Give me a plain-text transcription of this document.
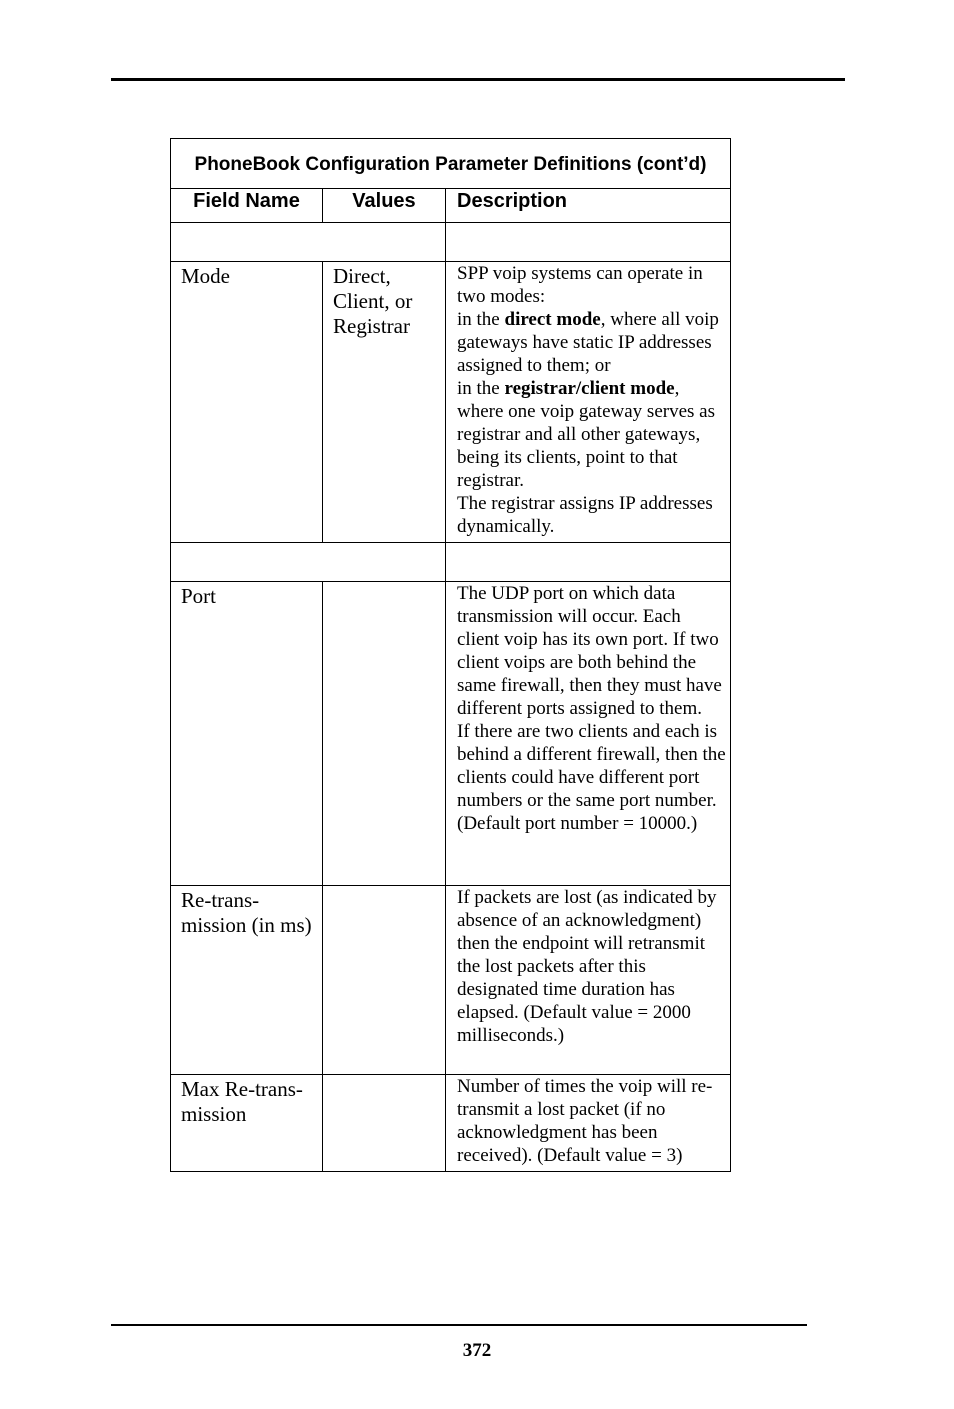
PhoneBook Configuration Parameter Definitions (cont’d)		
Field Name	Values	Description

Mode	Direct, Client, or Registrar	SPP voip systems can operate in two modes:

in the direct mode, where all voip gateways have static IP addresses assigned to them; or

in the registrar/client mode, where one voip gateway serves as registrar and all other gateways, being its clients, point to that registrar.

The registrar assigns IP addresses dynamically.

Port		The UDP port on which data transmission will occur. Each client voip has its own port. If two client voips are both behind the same firewall, then they must have different ports assigned to them.

If there are two clients and each is behind a different firewall, then the clients could have different port numbers or the same port number.

(Default port number = 10000.)

Re-trans-mission (in ms)		If packets are lost (as indicated by absence of an acknowledgment) then the endpoint will retransmit the lost packets after this designated time duration has elapsed. (Default value = 2000 milliseconds.)
Max Re-trans-mission		Number of times the voip will re-transmit a lost packet (if no acknowledgment has been received). (Default value = 3)
372
